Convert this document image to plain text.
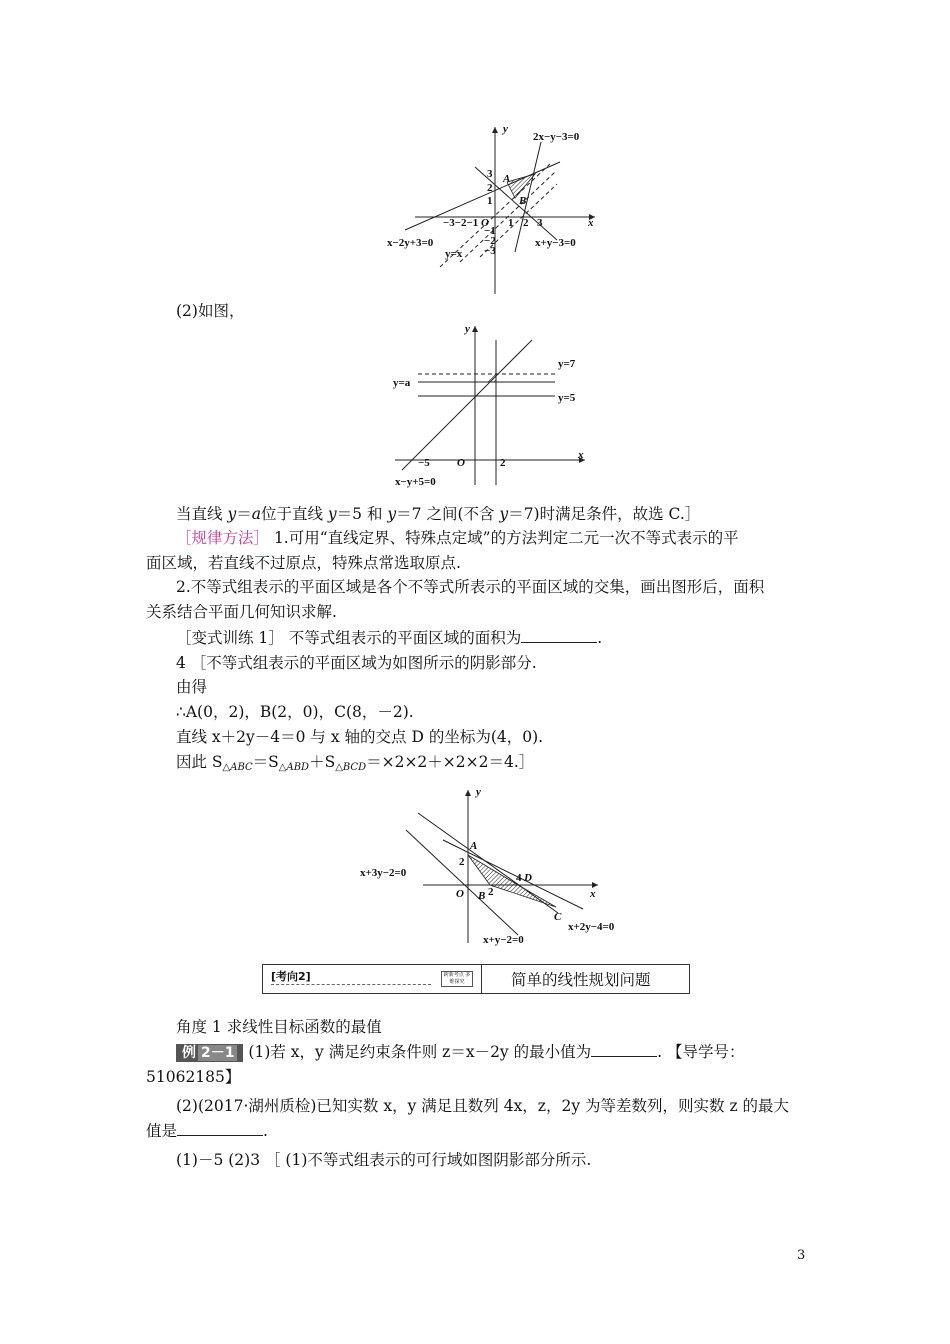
y
x
2x−y−3=0
x−2y+3=0
y=x
x+y−3=0
A
B
O
3
2
1
−1
−2
−3
−3−2−1	1 2 3
(2)如图，
y
x
y=7
y=a
y=5
x−y+5=0
−5 O	2
当直线 y＝a位于直线 y＝5 和 y＝7 之间(不含 y＝7)时满足条件，故选 C.］
［规律方法］ 1.可用“直线定界、特殊点定域”的方法判定二元一次不等式表示的平
面区域，若直线不过原点，特殊点常选取原点.
2.不等式组表示的平面区域是各个不等式所表示的平面区域的交集，画出图形后，面积
关系结合平面几何知识求解.
［变式训练 1］ 不等式组表示的平面区域的面积为	.
4 ［不等式组表示的平面区域为如图所示的阴影部分.
由得
∴A(0，2)，B(2，0)，C(8，－2).
直线 x＋2y－4＝0 与 x 轴的交点 D 的坐标为(4，0).
因此 $S_{\triangle ABC}=S_{\triangle ABD}+S_{\triangle BCD}=\times 2\times 2+\times 2\times 2=4.]$
y
x
x+3y−2=0
x+y−2=0
x+2y−4=0
A
B
C
D
2
4
2
O
[考向2]	跨新考点 多维探究	简单的线性规划问题
角度 1 求线性目标函数的最值
例 2－1 (1)若 x，y 满足约束条件则 z＝x－2y 的最小值为	. 【导学号：
51062185】
(2)(2017·湖州质检)已知实数 x，y 满足且数列 4x，z，2y 为等差数列，则实数 z 的最大
值是	.
(1)－5 (2)3 ［ (1)不等式组表示的可行域如图阴影部分所示.
3
